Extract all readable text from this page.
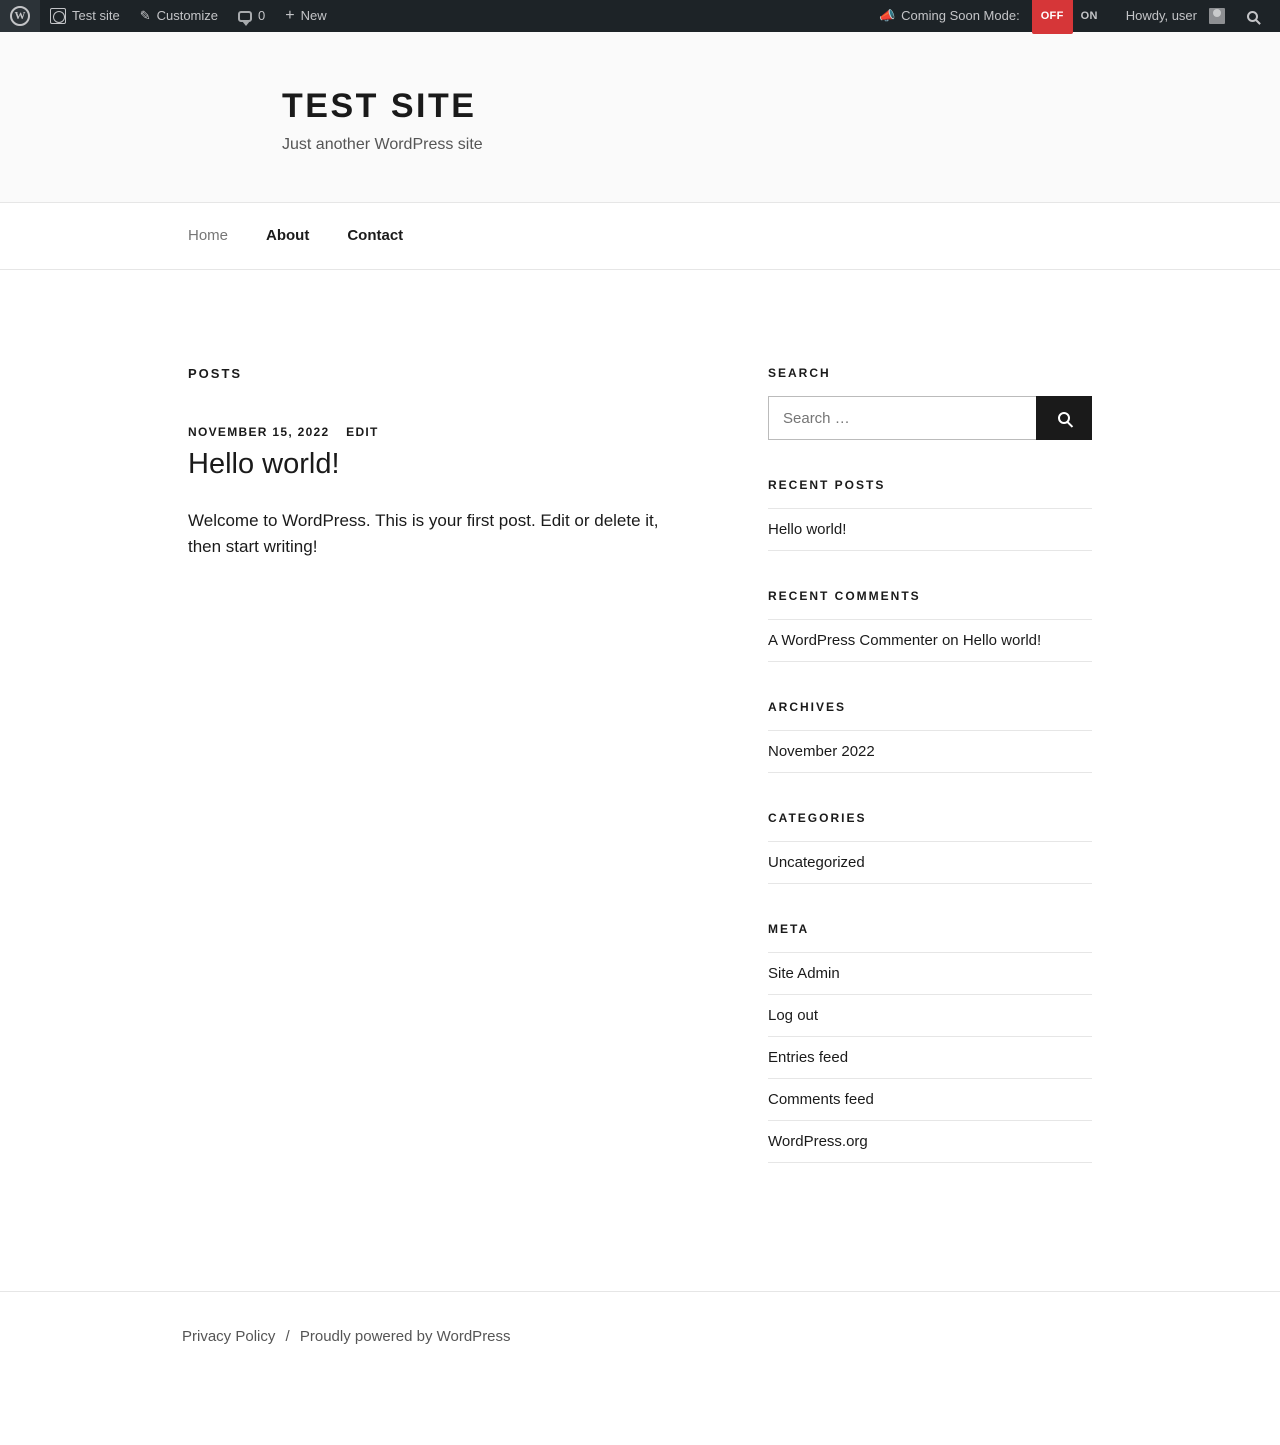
W
Test site ✎ Customize	0 + New	📣 Coming Soon Mode:	OFF	ON	Howdy, user
TEST SITE

Just another WordPress site

Home	About	Contact
POSTS
NOVEMBER 15, 2022 EDIT
Hello world!

Welcome to WordPress. This is your first post. Edit or delete it, then start writing!

SEARCH
Search …
RECENT POSTS
Hello world!
RECENT COMMENTS
A WordPress Commenter on Hello world!
ARCHIVES
November 2022
CATEGORIES
Uncategorized
META
Site Admin
Log out
Entries feed
Comments feed
WordPress.org
Privacy Policy / Proudly powered by WordPress
